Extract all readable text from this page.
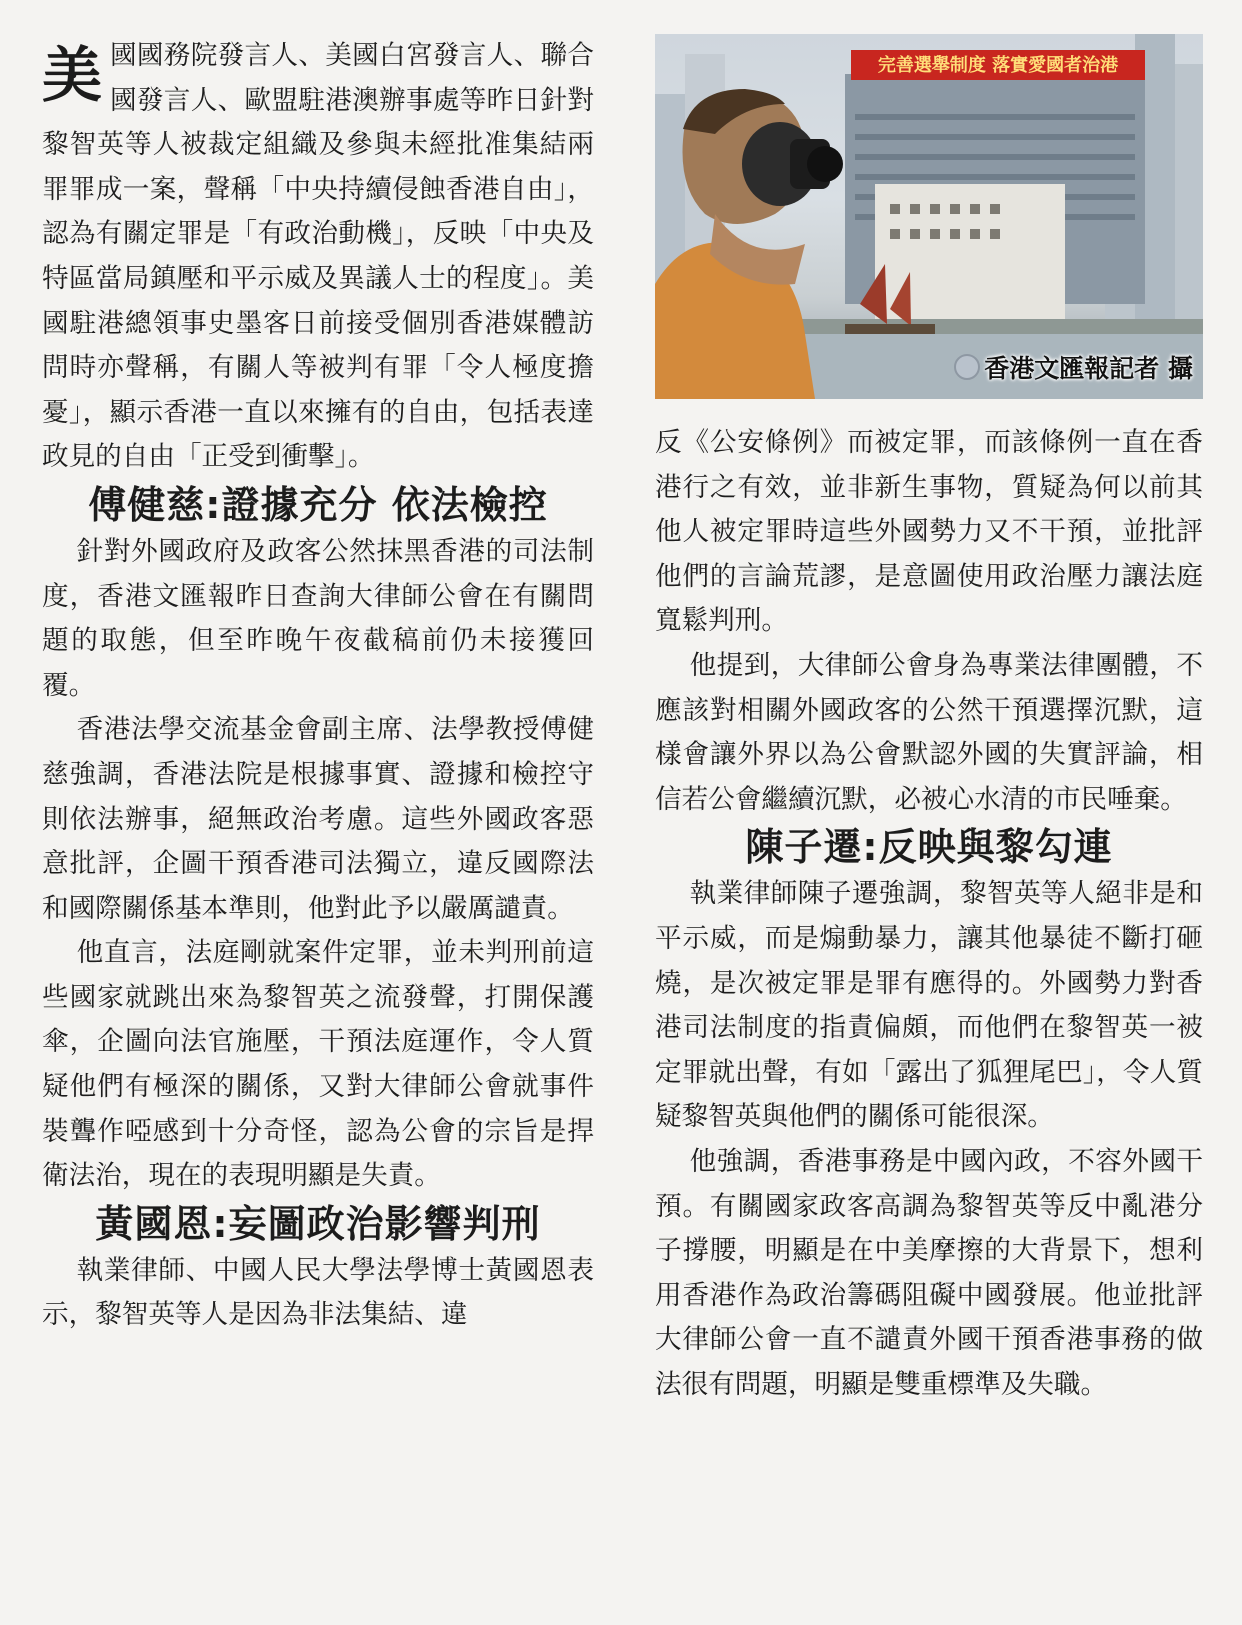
美國國務院發言人、美國白宮發言人、聯合國發言人、歐盟駐港澳辦事處等昨日針對黎智英等人被裁定組織及參與未經批准集結兩罪罪成一案，聲稱「中央持續侵蝕香港自由」，認為有關定罪是「有政治動機」，反映「中央及特區當局鎮壓和平示威及異議人士的程度」。美國駐港總領事史墨客日前接受個別香港媒體訪問時亦聲稱，有關人等被判有罪「令人極度擔憂」，顯示香港一直以來擁有的自由，包括表達政見的自由「正受到衝擊」。

傅健慈:證據充分 依法檢控

針對外國政府及政客公然抹黑香港的司法制度，香港文匯報昨日查詢大律師公會在有關問題的取態，但至昨晚午夜截稿前仍未接獲回覆。

香港法學交流基金會副主席、法學教授傅健慈強調，香港法院是根據事實、證據和檢控守則依法辦事，絕無政治考慮。這些外國政客惡意批評，企圖干預香港司法獨立，違反國際法和國際關係基本準則，他對此予以嚴厲譴責。

他直言，法庭剛就案件定罪，並未判刑前這些國家就跳出來為黎智英之流發聲，打開保護傘，企圖向法官施壓，干預法庭運作，令人質疑他們有極深的關係，又對大律師公會就事件裝聾作啞感到十分奇怪，認為公會的宗旨是捍衛法治，現在的表現明顯是失責。

黃國恩:妄圖政治影響判刑

執業律師、中國人民大學法學博士黃國恩表示，黎智英等人是因為非法集結、違

完善選舉制度 落實愛國者治港
香港文匯報記者 攝

反《公安條例》而被定罪，而該條例一直在香港行之有效，並非新生事物，質疑為何以前其他人被定罪時這些外國勢力又不干預，並批評他們的言論荒謬，是意圖使用政治壓力讓法庭寬鬆判刑。

他提到，大律師公會身為專業法律團體，不應該對相關外國政客的公然干預選擇沉默，這樣會讓外界以為公會默認外國的失實評論，相信若公會繼續沉默，必被心水清的市民唾棄。

陳子遷:反映與黎勾連

執業律師陳子遷強調，黎智英等人絕非是和平示威，而是煽動暴力，讓其他暴徒不斷打砸燒，是次被定罪是罪有應得的。外國勢力對香港司法制度的指責偏頗，而他們在黎智英一被定罪就出聲，有如「露出了狐狸尾巴」，令人質疑黎智英與他們的關係可能很深。

他強調，香港事務是中國內政，不容外國干預。有關國家政客高調為黎智英等反中亂港分子撐腰，明顯是在中美摩擦的大背景下，想利用香港作為政治籌碼阻礙中國發展。他並批評大律師公會一直不譴責外國干預香港事務的做法很有問題，明顯是雙重標準及失職。
